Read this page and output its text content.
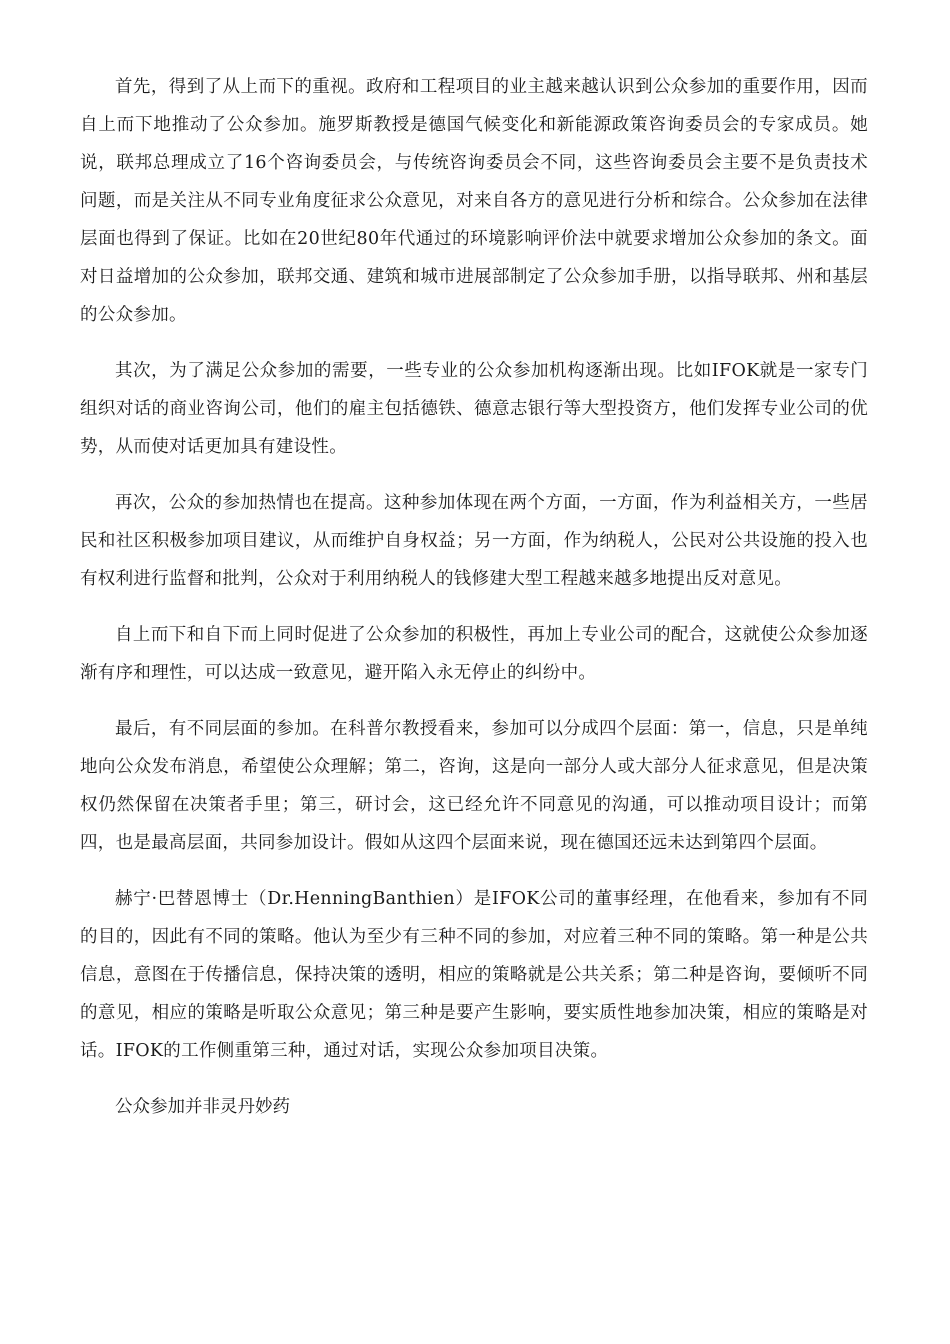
首先，得到了从上而下的重视。政府和工程项目的业主越来越认识到公众参加的重要作用，因而自上而下地推动了公众参加。施罗斯教授是德国气候变化和新能源政策咨询委员会的专家成员。她说，联邦总理成立了16个咨询委员会，与传统咨询委员会不同，这些咨询委员会主要不是负责技术问题，而是关注从不同专业角度征求公众意见，对来自各方的意见进行分析和综合。公众参加在法律层面也得到了保证。比如在20世纪80年代通过的环境影响评价法中就要求增加公众参加的条文。面对日益增加的公众参加，联邦交通、建筑和城市进展部制定了公众参加手册，以指导联邦、州和基层的公众参加。

其次，为了满足公众参加的需要，一些专业的公众参加机构逐渐出现。比如IFOK就是一家专门组织对话的商业咨询公司，他们的雇主包括德铁、德意志银行等大型投资方，他们发挥专业公司的优势，从而使对话更加具有建设性。

再次，公众的参加热情也在提高。这种参加体现在两个方面，一方面，作为利益相关方，一些居民和社区积极参加项目建议，从而维护自身权益；另一方面，作为纳税人，公民对公共设施的投入也有权利进行监督和批判，公众对于利用纳税人的钱修建大型工程越来越多地提出反对意见。

自上而下和自下而上同时促进了公众参加的积极性，再加上专业公司的配合，这就使公众参加逐渐有序和理性，可以达成一致意见，避开陷入永无停止的纠纷中。

最后，有不同层面的参加。在科普尔教授看来，参加可以分成四个层面：第一，信息，只是单纯地向公众发布消息，希望使公众理解；第二，咨询，这是向一部分人或大部分人征求意见，但是决策权仍然保留在决策者手里；第三，研讨会，这已经允许不同意见的沟通，可以推动项目设计；而第四，也是最高层面，共同参加设计。假如从这四个层面来说，现在德国还远未达到第四个层面。

赫宁·巴替恩博士（Dr.HenningBanthien）是IFOK公司的董事经理，在他看来，参加有不同的目的，因此有不同的策略。他认为至少有三种不同的参加，对应着三种不同的策略。第一种是公共信息，意图在于传播信息，保持决策的透明，相应的策略就是公共关系；第二种是咨询，要倾听不同的意见，相应的策略是听取公众意见；第三种是要产生影响，要实质性地参加决策，相应的策略是对话。IFOK的工作侧重第三种，通过对话，实现公众参加项目决策。

公众参加并非灵丹妙药
